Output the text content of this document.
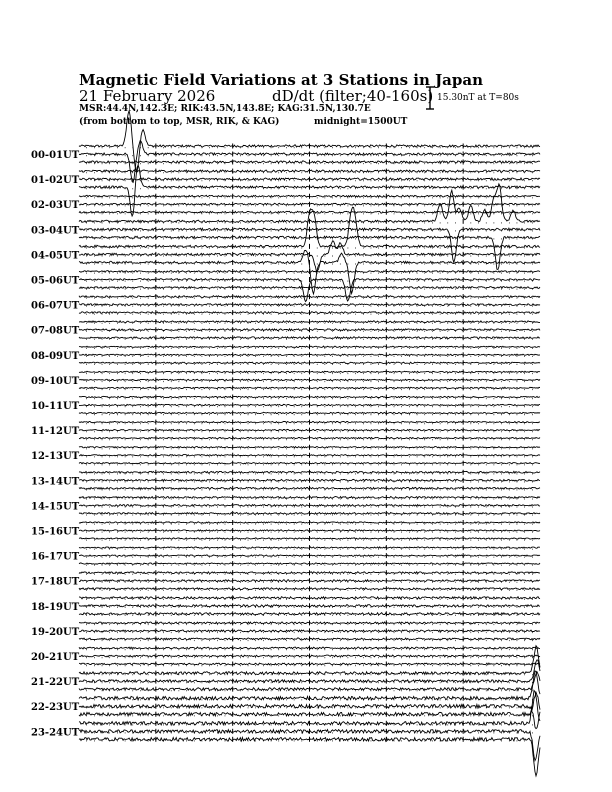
Magnetic Field Variations at 3 Stations in Japan
21 February 2026	dD/dt (filter;40-160s)
MSR:44.4N,142.3E; RIK:43.5N,143.8E; KAG:31.5N,130.7E
(from bottom to top, MSR, RIK, & KAG)	midnight=1500UT
15.30nT at T=80s
00-01UT
01-02UT
02-03UT
03-04UT
04-05UT
05-06UT
06-07UT
07-08UT
08-09UT
09-10UT
10-11UT
11-12UT
12-13UT
13-14UT
14-15UT
15-16UT
16-17UT
17-18UT
18-19UT
19-20UT
20-21UT
21-22UT
22-23UT
23-24UT
